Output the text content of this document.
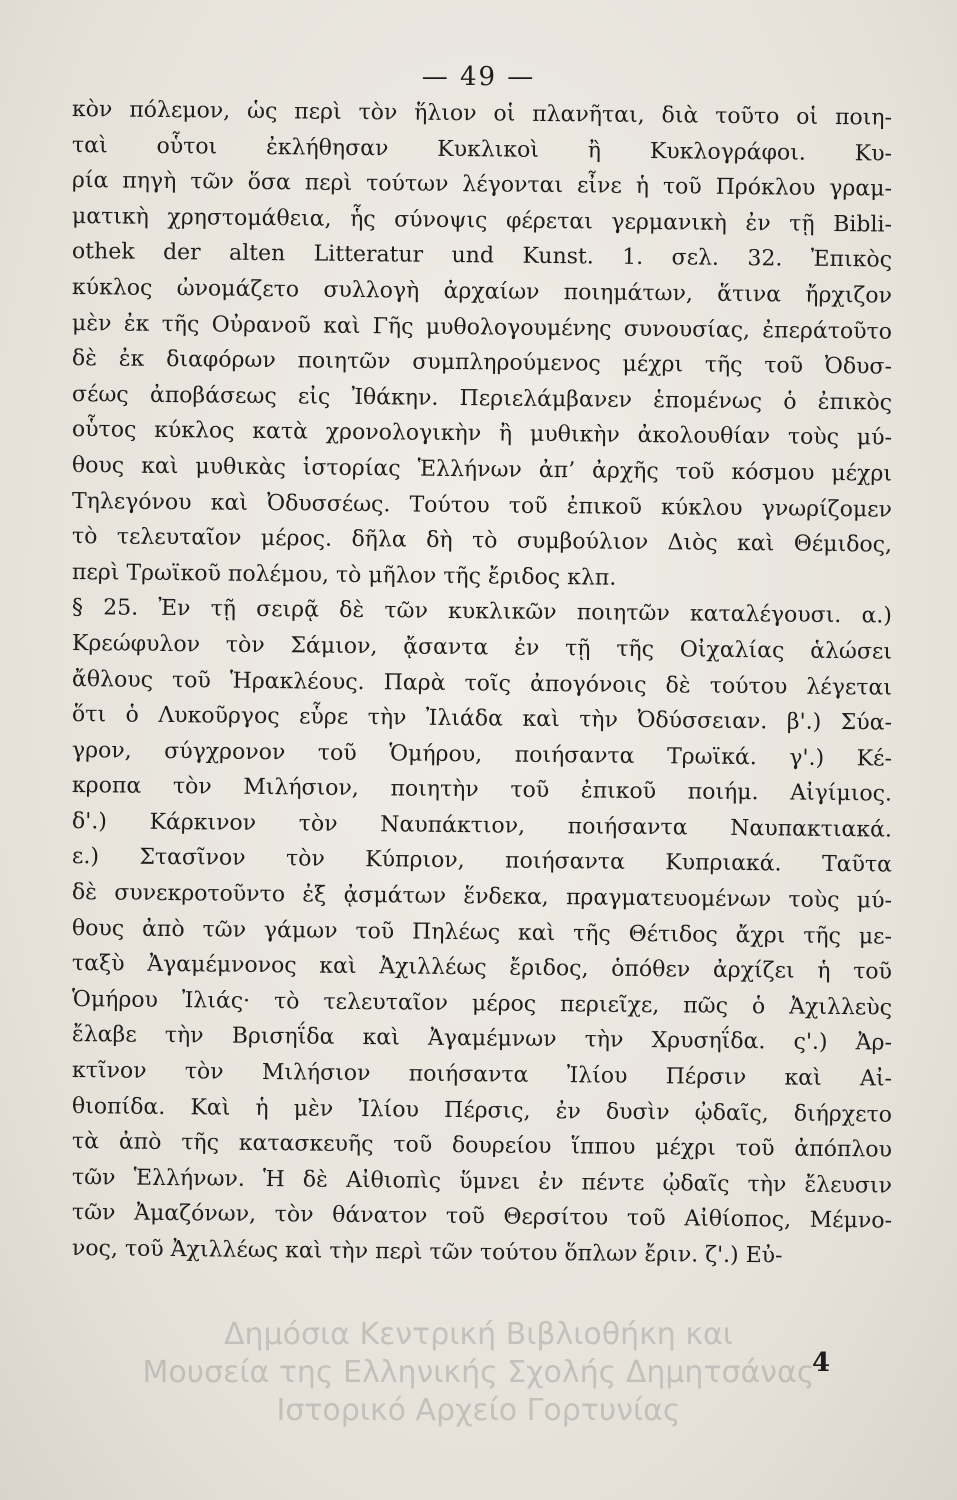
— 49 —
κὸν πόλεμον, ὡς περὶ τὸν ἥλιον οἱ πλανῆται, διὰ τοῦτο οἱ ποιη-
ταὶ οὗτοι ἐκλήθησαν Κυκλικοὶ ἢ Κυκλογράφοι. Κυ-
ρία πηγὴ τῶν ὅσα περὶ τούτων λέγονται εἶνε ἡ τοῦ Πρόκλου γραμ-
ματικὴ χρηστομάθεια, ἧς σύνοψις φέρεται γερμανικὴ ἐν τῇ Bibli-
othek der alten Litteratur und Kunst. 1. σελ. 32. Ἐπικὸς
κύκλος ὠνομάζετο συλλογὴ ἀρχαίων ποιημάτων, ἅτινα ἤρχιζον
μὲν ἐκ τῆς Οὐρανοῦ καὶ Γῆς μυθολογουμένης συνουσίας, ἐπεράτοῦτο
δὲ ἐκ διαφόρων ποιητῶν συμπληρούμενος μέχρι τῆς τοῦ Ὀδυσ-
σέως ἀποβάσεως εἰς Ἰθάκην. Περιελάμβανεν ἑπομένως ὁ ἐπικὸς
οὗτος κύκλος κατὰ χρονολογικὴν ἢ μυθικὴν ἀκολουθίαν τοὺς μύ-
θους καὶ μυθικὰς ἱστορίας Ἑλλήνων ἀπ’ ἀρχῆς τοῦ κόσμου μέχρι
Τηλεγόνου καὶ Ὀδυσσέως. Τούτου τοῦ ἐπικοῦ κύκλου γνωρίζομεν
τὸ τελευταῖον μέρος. δῆλα δὴ τὸ συμβούλιον Διὸς καὶ Θέμιδος,
περὶ Τρωϊκοῦ πολέμου, τὸ μῆλον τῆς ἔριδος κλπ.
§ 25. Ἐν τῇ σειρᾷ δὲ τῶν κυκλικῶν ποιητῶν καταλέγουσι. α.)
Κρεώφυλον τὸν Σάμιον, ᾄσαντα ἐν τῇ τῆς Οἰχαλίας ἁλώσει
ἄθλους τοῦ Ἡρακλέους. Παρὰ τοῖς ἀπογόνοις δὲ τούτου λέγεται
ὅτι ὁ Λυκοῦργος εὗρε τὴν Ἰλιάδα καὶ τὴν Ὀδύσσειαν. β'.) Σύα-
γρον, σύγχρονον τοῦ Ὁμήρου, ποιήσαντα Τρωϊκά. γ'.) Κέ-
κροπα τὸν Μιλήσιον, ποιητὴν τοῦ ἐπικοῦ ποιήμ. Αἰγίμιος.
δ'.) Κάρκινον τὸν Ναυπάκτιον, ποιήσαντα Ναυπακτιακά.
ε.) Στασῖνον τὸν Κύπριον, ποιήσαντα Κυπριακά. Ταῦτα
δὲ συνεκροτοῦντο ἐξ ᾀσμάτων ἕνδεκα, πραγματευομένων τοὺς μύ-
θους ἀπὸ τῶν γάμων τοῦ Πηλέως καὶ τῆς Θέτιδος ἄχρι τῆς με-
ταξὺ Ἀγαμέμνονος καὶ Ἀχιλλέως ἔριδος, ὁπόθεν ἀρχίζει ἡ τοῦ
Ὁμήρου Ἰλιάς· τὸ τελευταῖον μέρος περιεῖχε, πῶς ὁ Ἀχιλλεὺς
ἔλαβε τὴν Βρισηΐδα καὶ Ἀγαμέμνων τὴν Χρυσηΐδα. ς'.) Ἀρ-
κτῖνον τὸν Μιλήσιον ποιήσαντα Ἰλίου Πέρσιν καὶ Αἰ-
θιοπίδα. Καὶ ἡ μὲν Ἰλίου Πέρσις, ἐν δυσὶν ᾠδαῖς, διήρχετο
τὰ ἀπὸ τῆς κατασκευῆς τοῦ δουρείου ἵππου μέχρι τοῦ ἀπόπλου
τῶν Ἑλλήνων. Ἡ δὲ Αἰθιοπὶς ὕμνει ἐν πέντε ᾠδαῖς τὴν ἔλευσιν
τῶν Ἀμαζόνων, τὸν θάνατον τοῦ Θερσίτου τοῦ Αἰθίοπος, Μέμνο-
νος, τοῦ Ἀχιλλέως καὶ τὴν περὶ τῶν τούτου ὅπλων ἔριν. ζ'.) Εὐ-
Δημόσια Κεντρική Βιβλιοθήκη και
Μουσεία της Ελληνικής Σχολής Δημητσάνας
Ιστορικό Αρχείο Γορτυνίας
4
